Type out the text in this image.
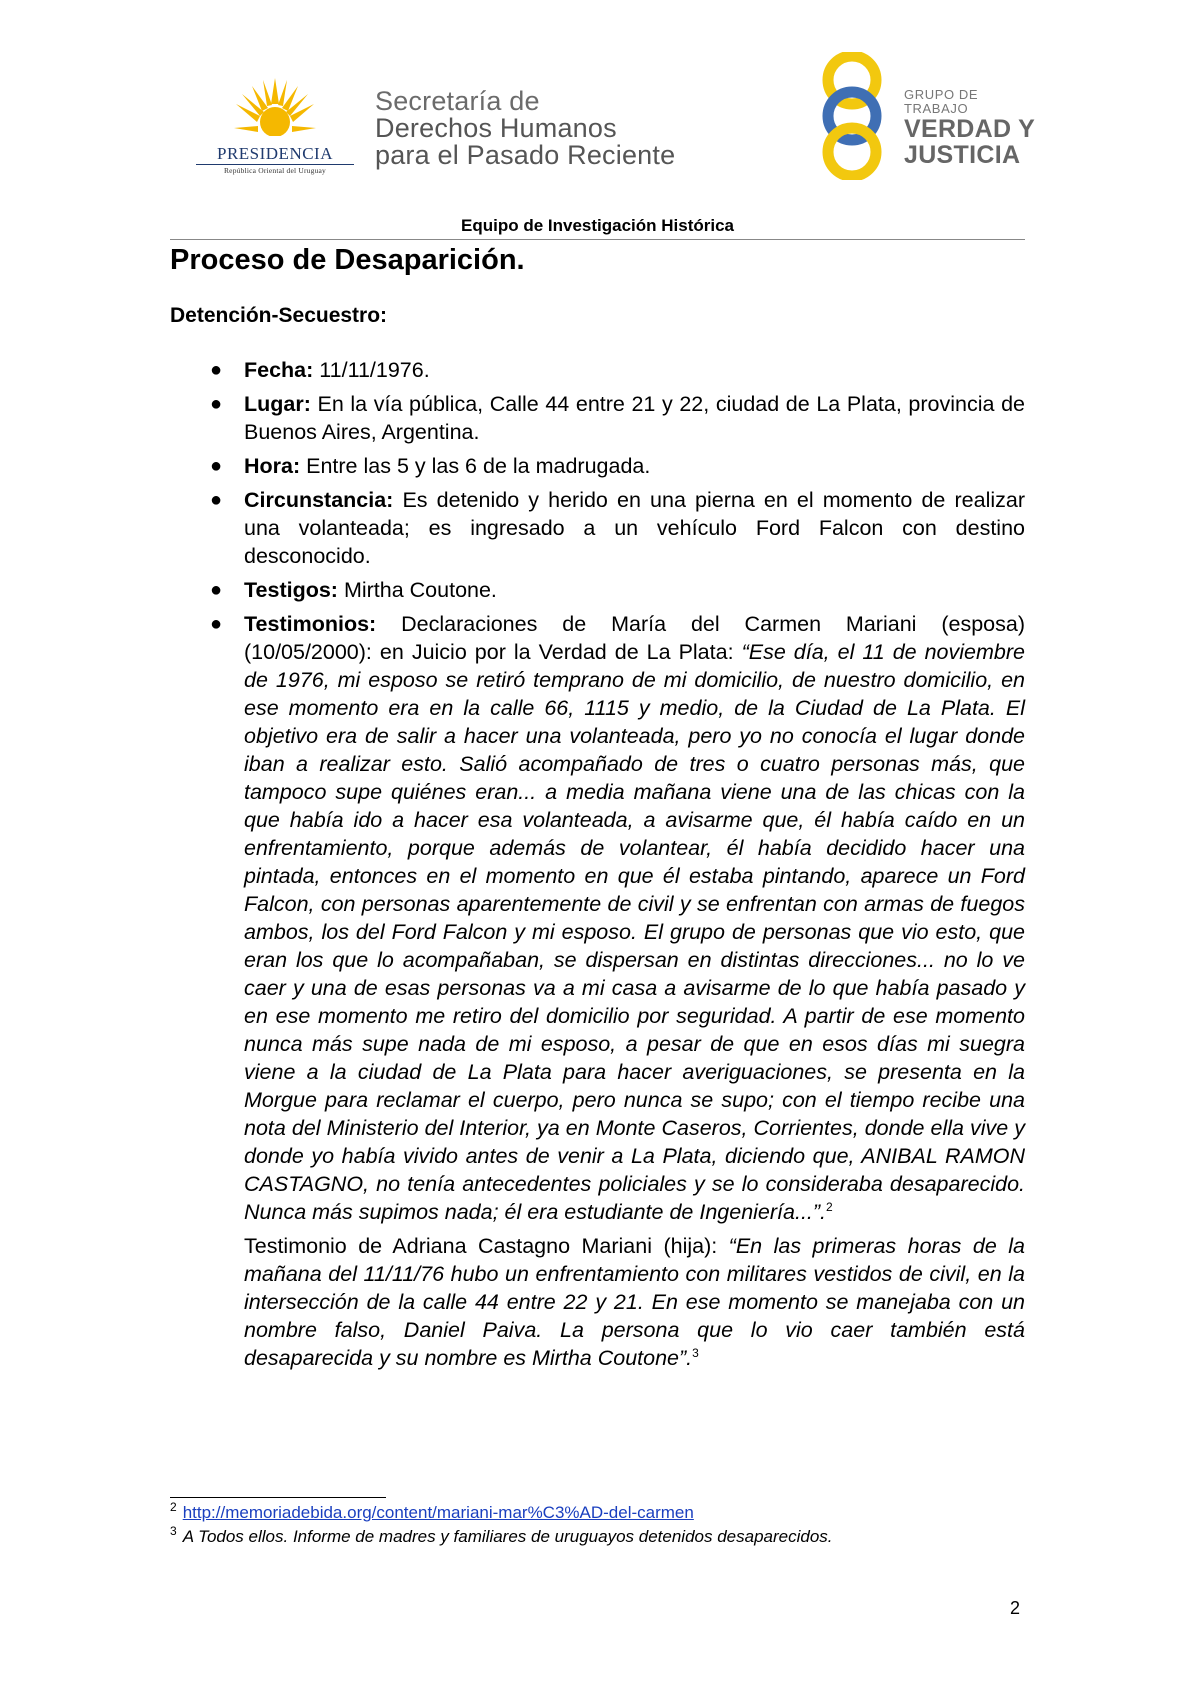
PRESIDENCIA
República Oriental del Uruguay
Secretaría de
Derechos Humanos
para el Pasado Reciente
GRUPO DE TRABAJO
VERDAD Y
JUSTICIA
Equipo de Investigación Histórica
Proceso de Desaparición.
Detención-Secuestro:
● Fecha: 11/11/1976.
● Lugar: En la vía pública, Calle 44 entre 21 y 22, ciudad de La Plata, provincia de Buenos Aires, Argentina.
● Hora: Entre las 5 y las 6 de la madrugada.
● Circunstancia: Es detenido y herido en una pierna en el momento de realizar una volanteada; es ingresado a un vehículo Ford Falcon con destino desconocido.
● Testigos: Mirtha Coutone.
● Testimonios: Declaraciones de María del Carmen Mariani (esposa) (10/05/2000): en Juicio por la Verdad de La Plata: “Ese día, el 11 de noviembre de 1976, mi esposo se retiró temprano de mi domicilio, de nuestro domicilio, en ese momento era en la calle 66, 1115 y medio, de la Ciudad de La Plata. El objetivo era de salir a hacer una volanteada, pero yo no conocía el lugar donde iban a realizar esto. Salió acompañado de tres o cuatro personas más, que tampoco supe quiénes eran... a media mañana viene una de las chicas con la que había ido a hacer esa volanteada, a avisarme que, él había caído en un enfrentamiento, porque además de volantear, él había decidido hacer una pintada, entonces en el momento en que él estaba pintando, aparece un Ford Falcon, con personas aparentemente de civil y se enfrentan con armas de fuegos ambos, los del Ford Falcon y mi esposo. El grupo de personas que vio esto, que eran los que lo acompañaban, se dispersan en distintas direcciones... no lo ve caer y una de esas personas va a mi casa a avisarme de lo que había pasado y en ese momento me retiro del domicilio por seguridad. A partir de ese momento nunca más supe nada de mi esposo, a pesar de que en esos días mi suegra viene a la ciudad de La Plata para hacer averiguaciones, se presenta en la Morgue para reclamar el cuerpo, pero nunca se supo; con el tiempo recibe una nota del Ministerio del Interior, ya en Monte Caseros, Corrientes, donde ella vive y donde yo había vivido antes de venir a La Plata, diciendo que, ANIBAL RAMON CASTAGNO, no tenía antecedentes policiales y se lo consideraba desaparecido. Nunca más supimos nada; él era estudiante de Ingeniería...”.$^2$
Testimonio de Adriana Castagno Mariani (hija): “En las primeras horas de la mañana del 11/11/76 hubo un enfrentamiento con militares vestidos de civil, en la intersección de la calle 44 entre 22 y 21. En ese momento se manejaba con un nombre falso, Daniel Paiva. La persona que lo vio caer también está desaparecida y su nombre es Mirtha Coutone”.$^3$
$^2$ http://memoriadebida.org/content/mariani-mar%C3%AD-del-carmen
$^3$ A Todos ellos. Informe de madres y familiares de uruguayos detenidos desaparecidos.
2
